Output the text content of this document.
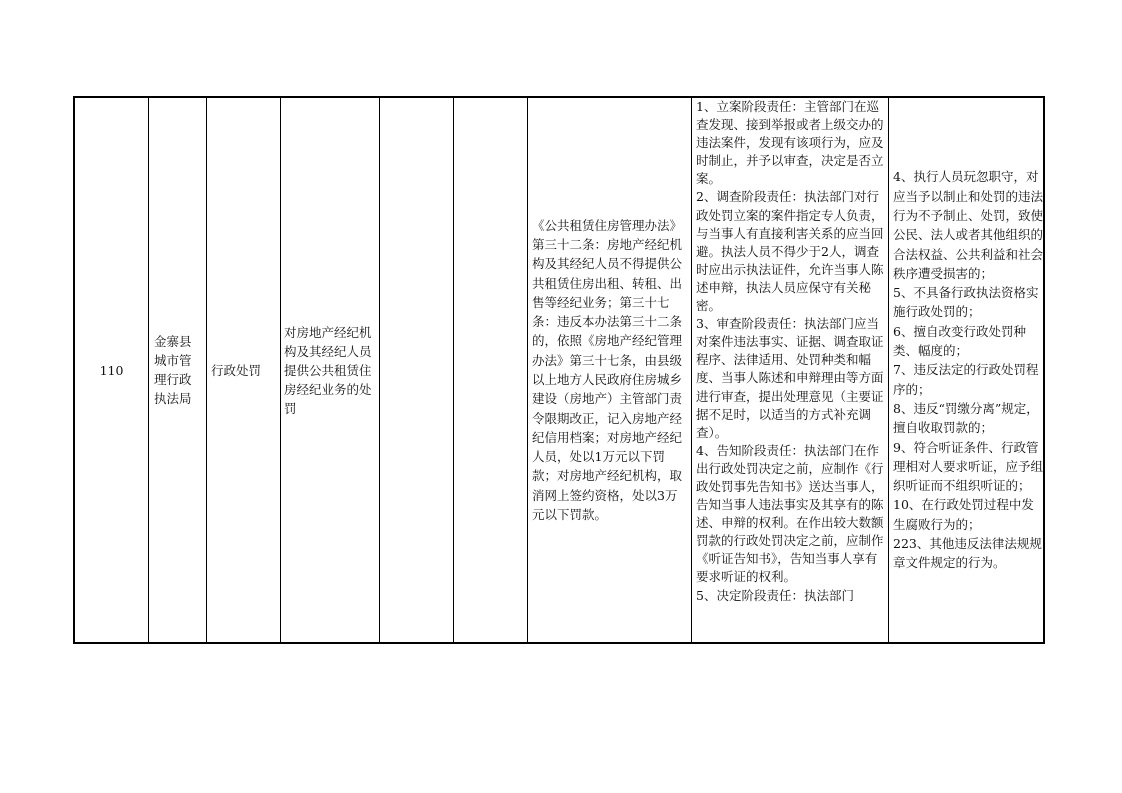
110
金寨县城市管理行政执法局
行政处罚
对房地产经纪机构及其经纪人员提供公共租赁住房经纪业务的处罚
《公共租赁住房管理办法》第三十二条：房地产经纪机构及其经纪人员不得提供公共租赁住房出租、转租、出售等经纪业务；第三十七条：违反本办法第三十二条的，依照《房地产经纪管理办法》第三十七条，由县级以上地方人民政府住房城乡建设（房地产）主管部门责令限期改正，记入房地产经纪信用档案；对房地产经纪人员，处以1万元以下罚款；对房地产经纪机构，取消网上签约资格，处以3万元以下罚款。
1、立案阶段责任：主管部门在巡查发现、接到举报或者上级交办的违法案件，发现有该项行为，应及时制止，并予以审查，决定是否立案。
2、调查阶段责任：执法部门对行政处罚立案的案件指定专人负责，与当事人有直接利害关系的应当回避。执法人员不得少于2人，调查时应出示执法证件，允许当事人陈述申辩，执法人员应保守有关秘密。
3、审查阶段责任：执法部门应当对案件违法事实、证据、调查取证程序、法律适用、处罚种类和幅度、当事人陈述和申辩理由等方面进行审查，提出处理意见（主要证据不足时，以适当的方式补充调查）。
4、告知阶段责任：执法部门在作出行政处罚决定之前，应制作《行政处罚事先告知书》送达当事人，告知当事人违法事实及其享有的陈述、申辩的权利。在作出较大数额罚款的行政处罚决定之前，应制作《听证告知书》，告知当事人享有要求听证的权利。
5、决定阶段责任：执法部门
4、执行人员玩忽职守，对应当予以制止和处罚的违法行为不予制止、处罚，致使公民、法人或者其他组织的合法权益、公共利益和社会秩序遭受损害的；
5、不具备行政执法资格实施行政处罚的；
6、擅自改变行政处罚种类、幅度的；
7、违反法定的行政处罚程序的；
8、违反“罚缴分离”规定，擅自收取罚款的；
9、符合听证条件、行政管理相对人要求听证，应予组织听证而不组织听证的；
10、在行政处罚过程中发生腐败行为的；
223、其他违反法律法规规章文件规定的行为。
